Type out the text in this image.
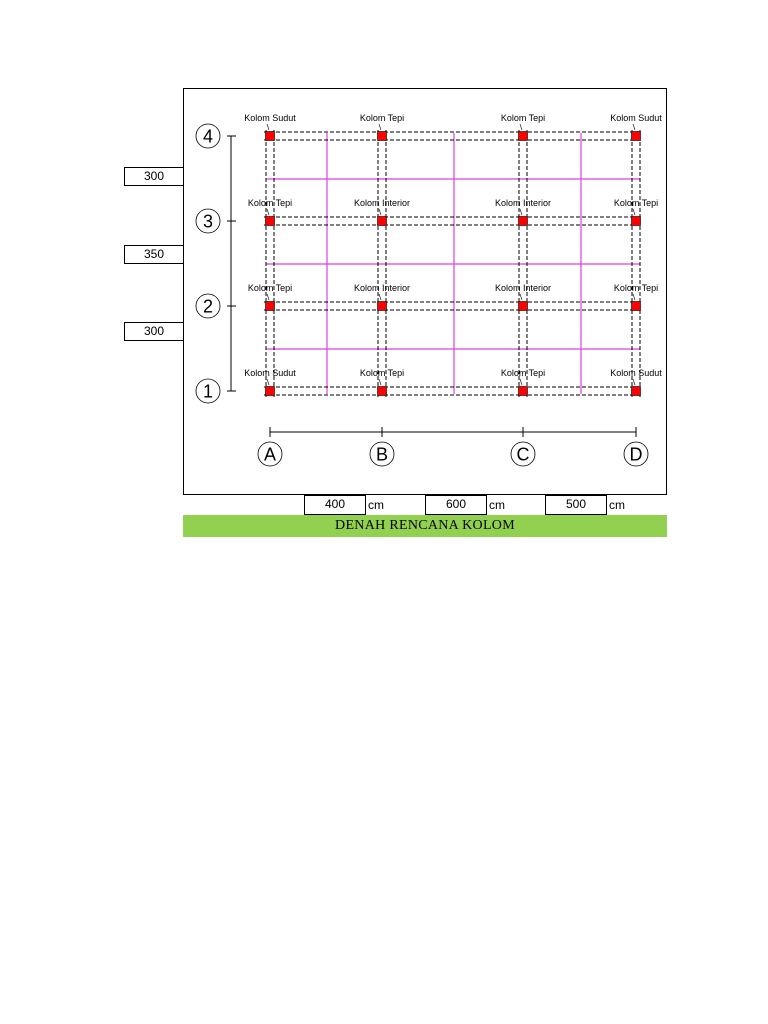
Kolom Sudut	Kolom Tepi	Kolom Tepi	Kolom Sudut
Kolom Tepi	Kolom Interior	Kolom Interior	Kolom Tepi
Kolom Tepi	Kolom Interior	Kolom Interior	Kolom Tepi
Kolom Sudut	Kolom Tepi	Kolom Tepi	Kolom Sudut
4
3
2
1
A	B	C	D
300
350
300
400	cm	600	cm	500	cm
DENAH RENCANA KOLOM
